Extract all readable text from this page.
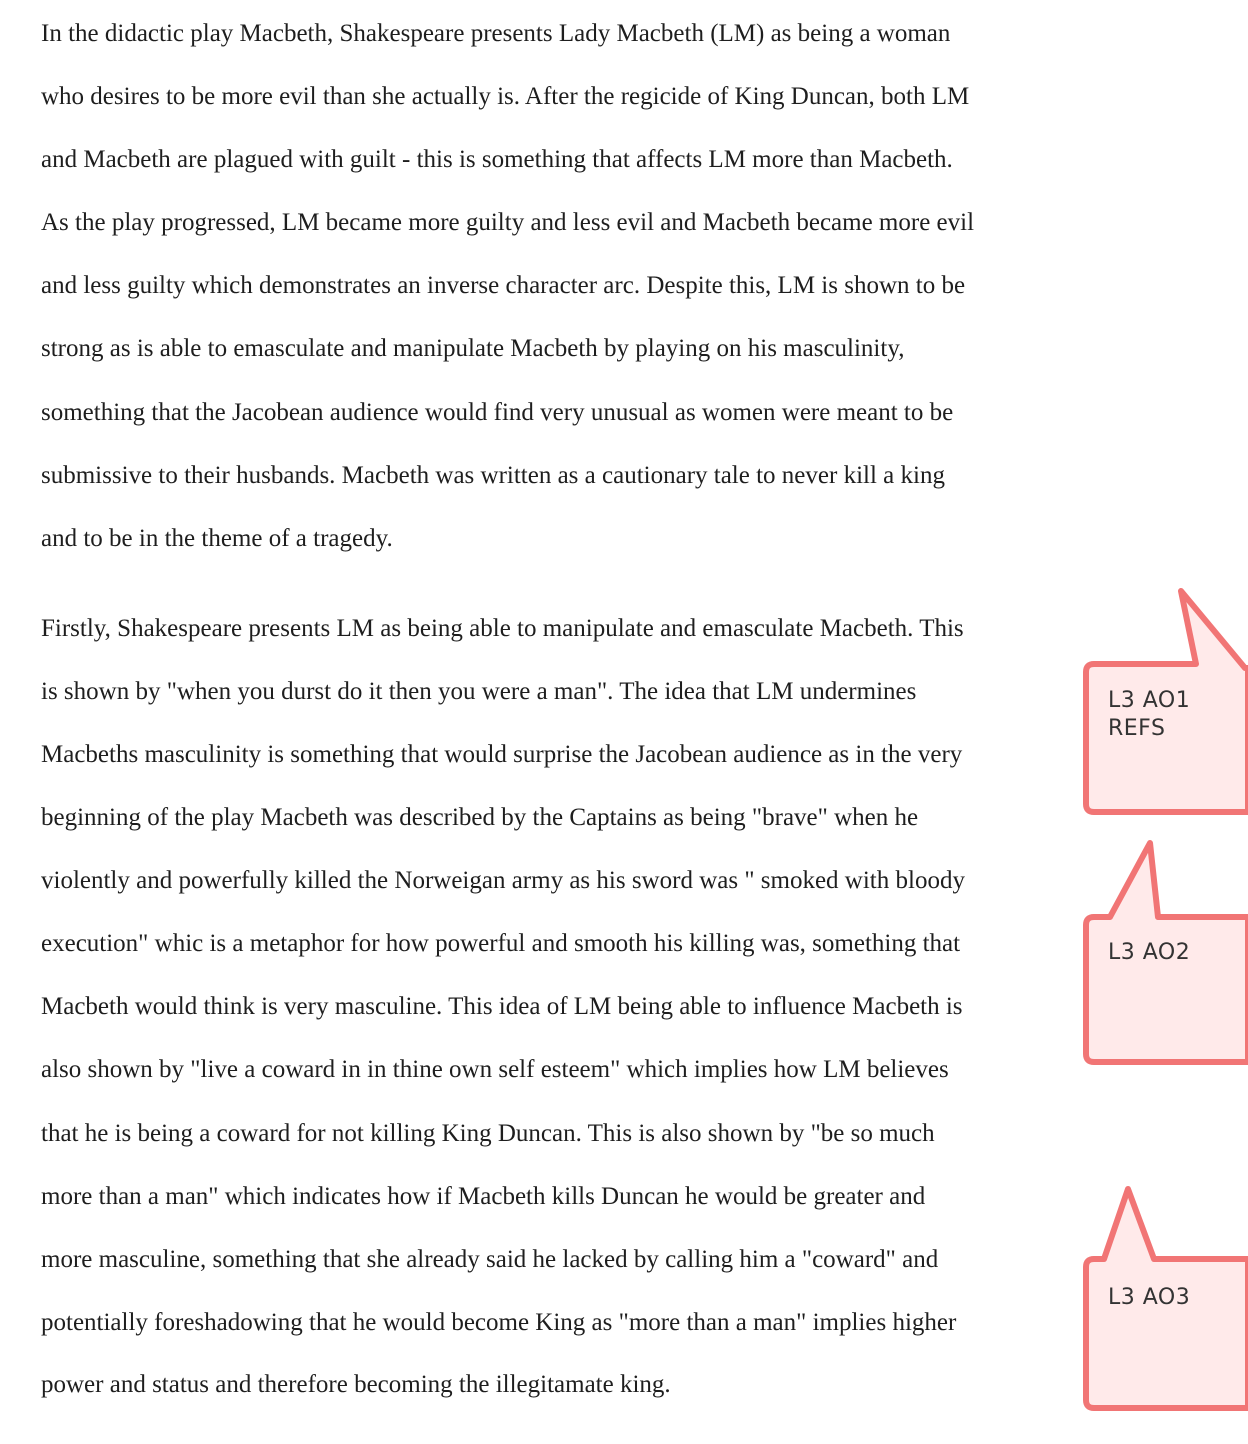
In the didactic play Macbeth, Shakespeare presents Lady Macbeth (LM) as being a woman

who desires to be more evil than she actually is. After the regicide of King Duncan, both LM

and Macbeth are plagued with guilt - this is something that affects LM more than Macbeth.

As the play progressed, LM became more guilty and less evil and Macbeth became more evil

and less guilty which demonstrates an inverse character arc. Despite this, LM is shown to be

strong as is able to emasculate and manipulate Macbeth by playing on his masculinity,

something that the Jacobean audience would find very unusual as women were meant to be

submissive to their husbands. Macbeth was written as a cautionary tale to never kill a king

and to be in the theme of a tragedy.

Firstly, Shakespeare presents LM as being able to manipulate and emasculate Macbeth. This

is shown by "when you durst do it then you were a man". The idea that LM undermines

Macbeths masculinity is something that would surprise the Jacobean audience as in the very

beginning of the play Macbeth was described by the Captains as being "brave" when he

violently and powerfully killed the Norweigan army as his sword was " smoked with bloody

execution" whic is a metaphor for how powerful and smooth his killing was, something that

Macbeth would think is very masculine. This idea of LM being able to influence Macbeth is

also shown by "live a coward in in thine own self esteem" which implies how LM believes

that he is being a coward for not killing King Duncan. This is also shown by "be so much

more than a man" which indicates how if Macbeth kills Duncan he would be greater and

more masculine, something that she already said he lacked by calling him a "coward" and

potentially foreshadowing that he would become King as "more than a man" implies higher

power and status and therefore becoming the illegitamate king.

L3 AO1

REFS

L3 AO2

L3 AO3
